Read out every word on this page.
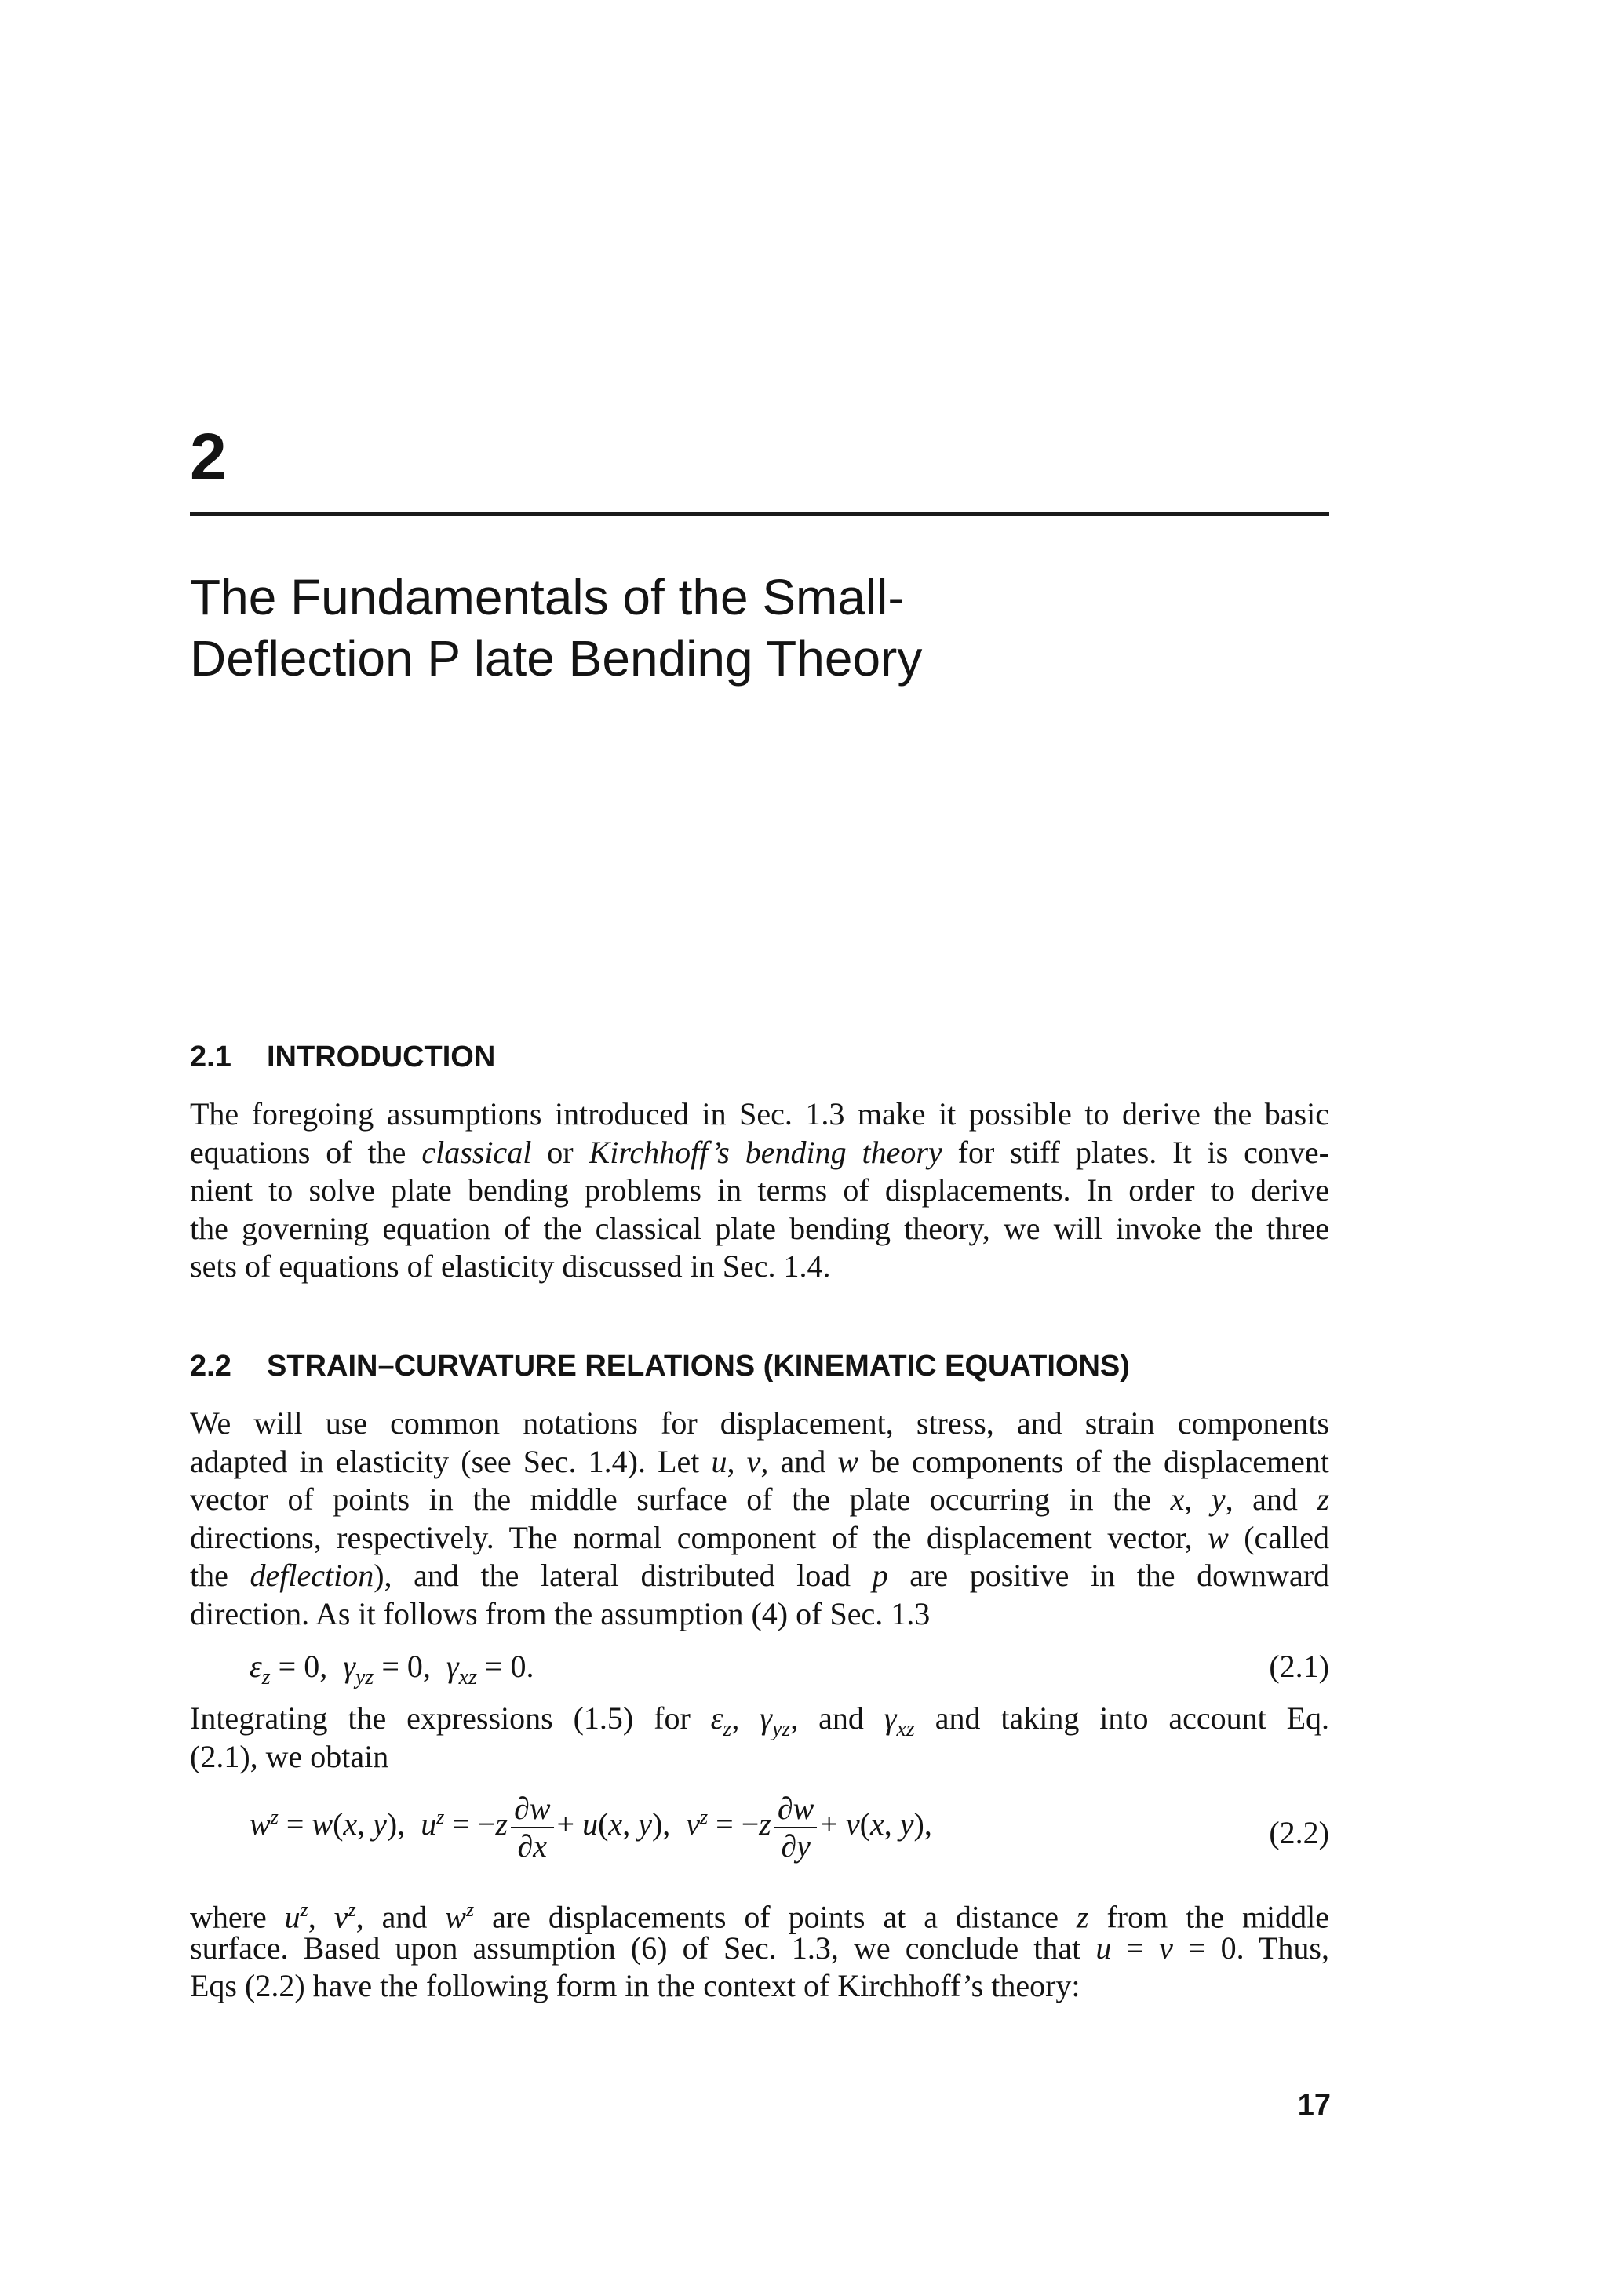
2
The Fundamentals of the Small-
Deflection P late Bending Theory
2.1 INTRODUCTION
The foregoing assumptions introduced in Sec. 1.3 make it possible to derive the basic
equations of the classical or Kirchhoff’s bending theory for stiff plates. It is conve-
nient to solve plate bending problems in terms of displacements. In order to derive
the governing equation of the classical plate bending theory, we will invoke the three
sets of equations of elasticity discussed in Sec. 1.4.
2.2 STRAIN–CURVATURE RELATIONS (KINEMATIC EQUATIONS)
We will use common notations for displacement, stress, and strain components
adapted in elasticity (see Sec. 1.4). Let u, v, and w be components of the displacement
vector of points in the middle surface of the plate occurring in the x, y, and z
directions, respectively. The normal component of the displacement vector, w (called
the deflection), and the lateral distributed load p are positive in the downward
direction. As it follows from the assumption (4) of Sec. 1.3
$\varepsilon_z = 0$,  $\gamma_{yz} = 0$,  $\gamma_{xz} = 0$.	(2.1)
Integrating the expressions (1.5) for $\varepsilon_z$, $\gamma_{yz}$, and $\gamma_{xz}$ and taking into account Eq.
(2.1), we obtain
$w^z = w(x$, y),  $u^z = -z \frac{\partial w}{\partial x} + u(x$, y),  $v^z = -z \frac{\partial w}{\partial y} + v(x$, y),	(2.2)
where $u^z$, $v^z$, and $w^z$ are displacements of points at a distance z from the middle
surface. Based upon assumption (6) of Sec. 1.3, we conclude that u = v = 0. Thus,
Eqs (2.2) have the following form in the context of Kirchhoff’s theory:
17
